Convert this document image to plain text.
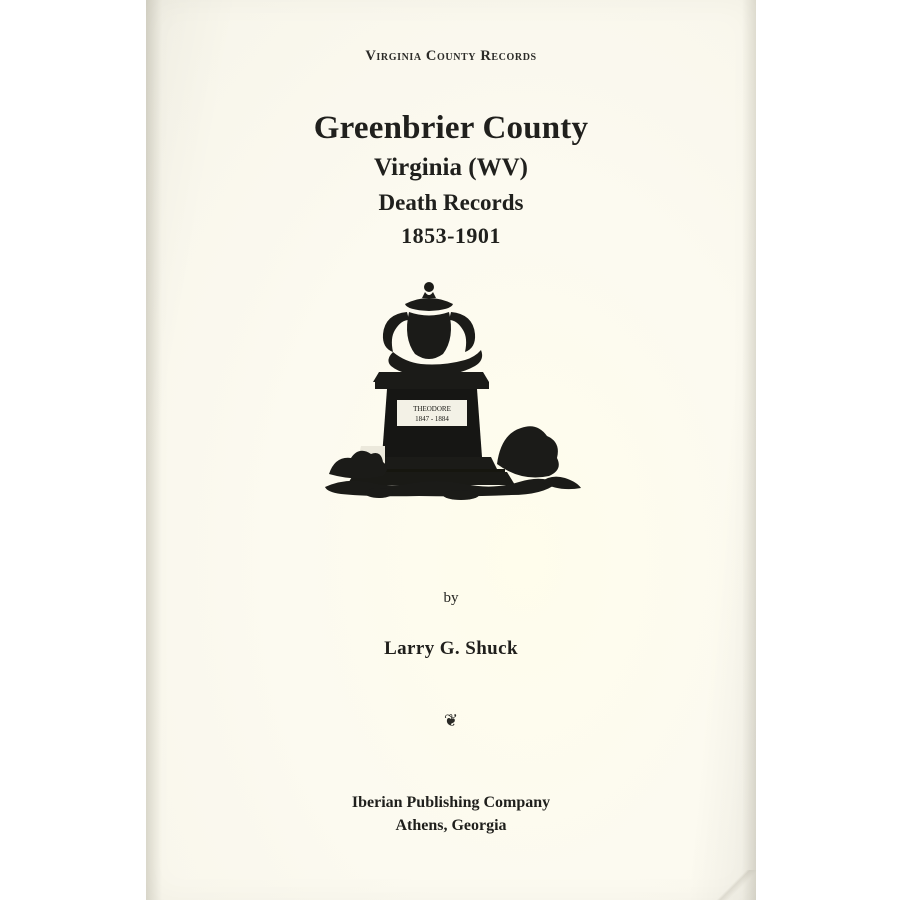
Virginia County Records
Greenbrier County
Virginia (WV)
Death Records
1853-1901
THEODORE
1847 - 1884
by
Larry G. Shuck
❦
Iberian Publishing Company
Athens, Georgia
